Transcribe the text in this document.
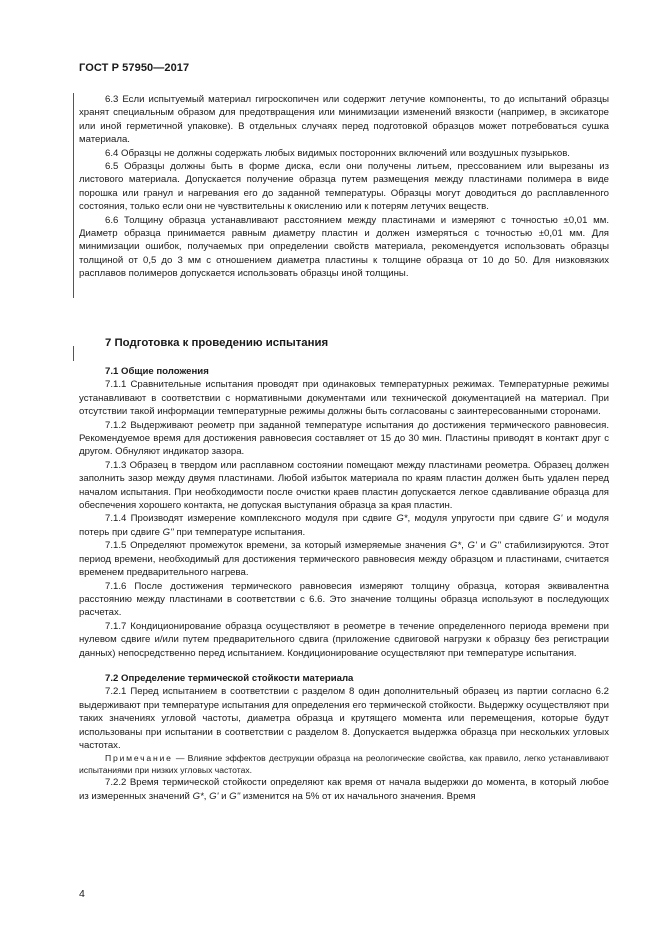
ГОСТ Р 57950—2017

6.3 Если испытуемый материал гигроскопичен или содержит летучие компоненты, то до испытаний образцы хранят специальным образом для предотвращения или минимизации изменений вязкости (например, в эксикаторе или иной герметичной упаковке). В отдельных случаях перед подготовкой образцов может потребоваться сушка материала.

6.4 Образцы не должны содержать любых видимых посторонних включений или воздушных пузырьков.

6.5 Образцы должны быть в форме диска, если они получены литьем, прессованием или вырезаны из листового материала. Допускается получение образца путем размещения между пластинами полимера в виде порошка или гранул и нагревания его до заданной температуры. Образцы могут доводиться до расплавленного состояния, только если они не чувствительны к окислению или к потерям летучих веществ.

6.6 Толщину образца устанавливают расстоянием между пластинами и измеряют с точностью ±0,01 мм. Диаметр образца принимается равным диаметру пластин и должен измеряться с точностью ±0,01 мм. Для минимизации ошибок, получаемых при определении свойств материала, рекомендуется использовать образцы толщиной от 0,5 до 3 мм с отношением диаметра пластины к толщине образца от 10 до 50. Для низковязких расплавов полимеров допускается использовать образцы иной толщины.

7 Подготовка к проведению испытания

7.1 Общие положения

7.1.1 Сравнительные испытания проводят при одинаковых температурных режимах. Температурные режимы устанавливают в соответствии с нормативными документами или технической документацией на материал. При отсутствии такой информации температурные режимы должны быть согласованы с заинтересованными сторонами.

7.1.2 Выдерживают реометр при заданной температуре испытания до достижения термического равновесия. Рекомендуемое время для достижения равновесия составляет от 15 до 30 мин. Пластины приводят в контакт друг с другом. Обнуляют индикатор зазора.

7.1.3 Образец в твердом или расплавном состоянии помещают между пластинами реометра. Образец должен заполнить зазор между двумя пластинами. Любой избыток материала по краям пластин должен быть удален перед началом испытания. При необходимости после очистки краев пластин допускается легкое сдавливание образца для обеспечения хорошего контакта, не допуская выступания образца за края пластин.

7.1.4 Производят измерение комплексного модуля при сдвиге G*, модуля упругости при сдвиге G' и модуля потерь при сдвиге G'' при температуре испытания.

7.1.5 Определяют промежуток времени, за который измеряемые значения G*, G' и G'' стабилизируются. Этот период времени, необходимый для достижения термического равновесия между образцом и пластинами, считается временем предварительного нагрева.

7.1.6 После достижения термического равновесия измеряют толщину образца, которая эквивалентна расстоянию между пластинами в соответствии с 6.6. Это значение толщины образца используют в последующих расчетах.

7.1.7 Кондиционирование образца осуществляют в реометре в течение определенного периода времени при нулевом сдвиге и/или путем предварительного сдвига (приложение сдвиговой нагрузки к образцу без регистрации данных) непосредственно перед испытанием. Кондиционирование осуществляют при температуре испытания.

7.2 Определение термической стойкости материала

7.2.1 Перед испытанием в соответствии с разделом 8 один дополнительный образец из партии согласно 6.2 выдерживают при температуре испытания для определения его термической стойкости. Выдержку осуществляют при таких значениях угловой частоты, диаметра образца и крутящего момента или перемещения, которые будут использованы при испытании в соответствии с разделом 8. Допускается выдержка образца при нескольких угловых частотах.

Примечание — Влияние эффектов деструкции образца на реологические свойства, как правило, легко устанавливают испытаниями при низких угловых частотах.

7.2.2 Время термической стойкости определяют как время от начала выдержки до момента, в который любое из измеренных значений G*, G' и G'' изменится на 5% от их начального значения. Время

4
